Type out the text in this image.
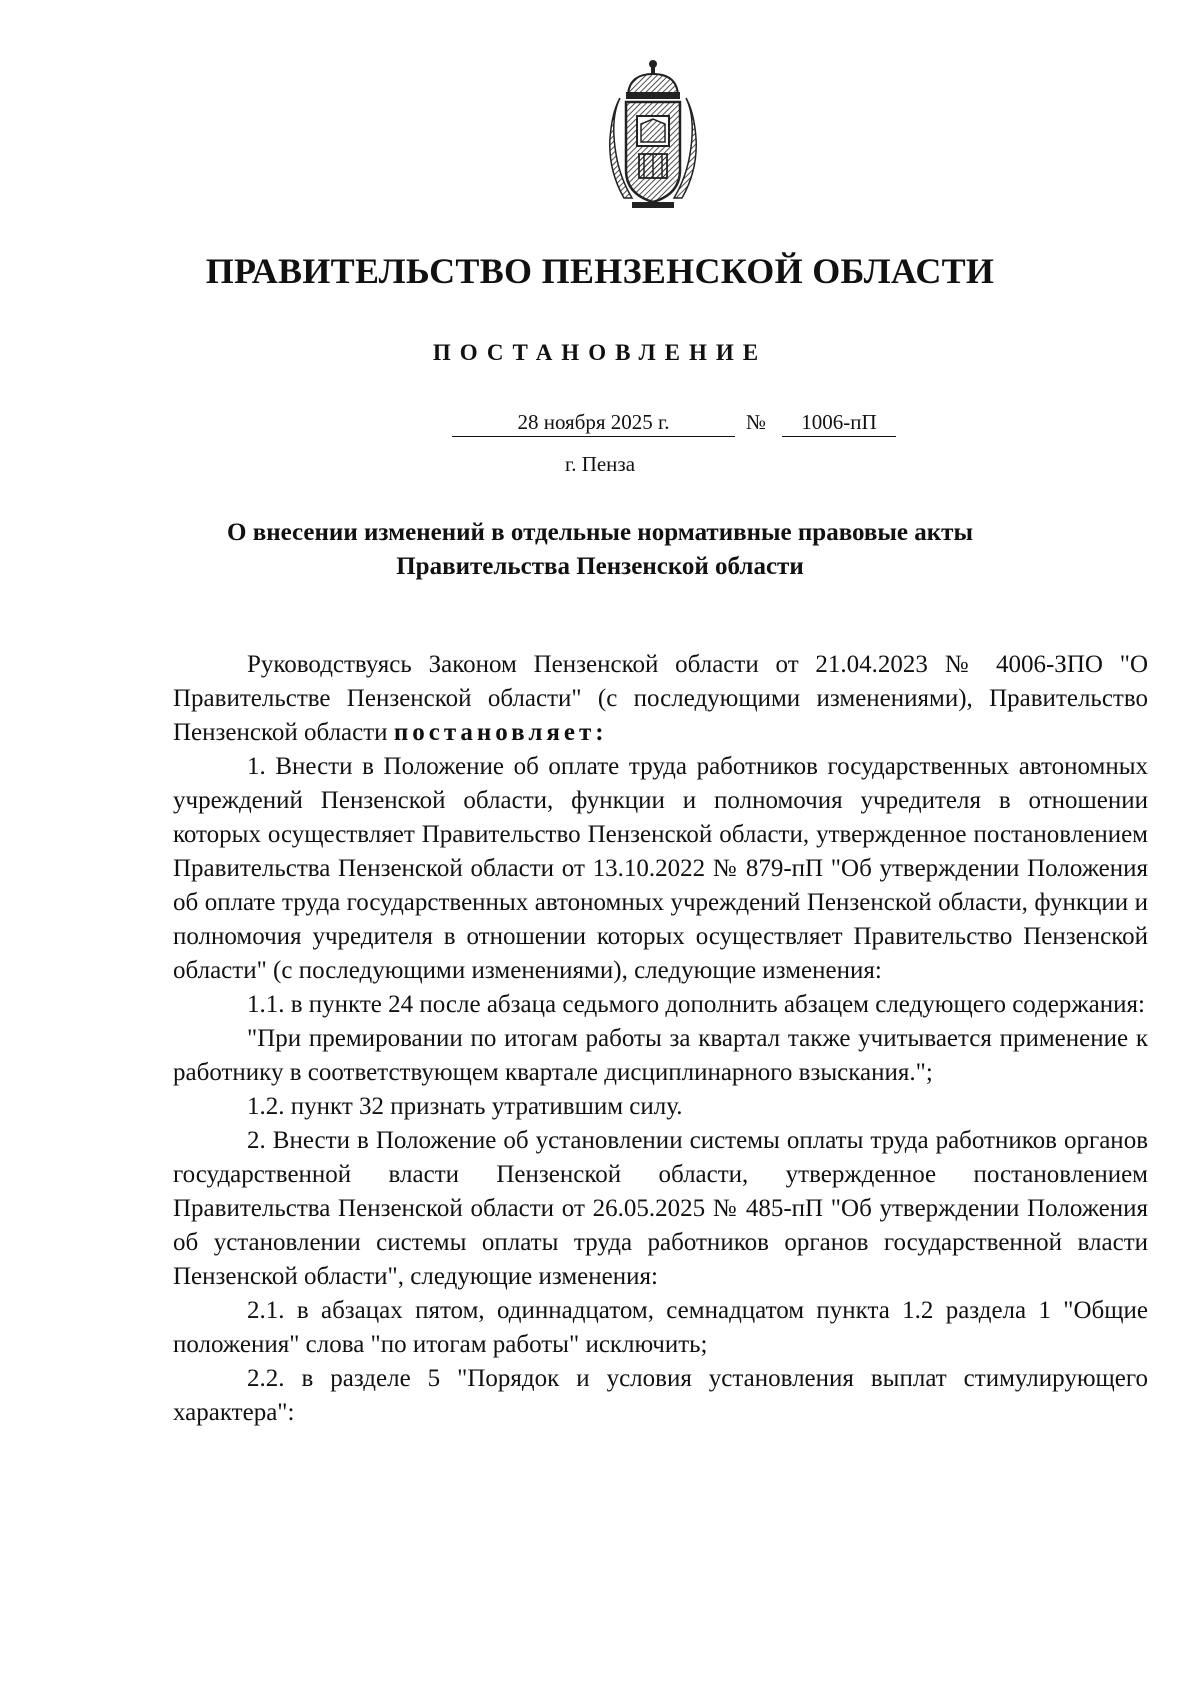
ПРАВИТЕЛЬСТВО ПЕНЗЕНСКОЙ ОБЛАСТИ
ПОСТАНОВЛЕНИЕ
28 ноября 2025 г.	№	1006-пП
г. Пенза
О внесении изменений в отдельные нормативные правовые акты
Правительства Пензенской области

Руководствуясь Законом Пензенской области от 21.04.2023 № 4006-ЗПО "О Правительстве Пензенской области" (с последующими изменениями), Правительство Пензенской области постановляет:

1. Внести в Положение об оплате труда работников государственных автономных учреждений Пензенской области, функции и полномочия учредителя в отношении которых осуществляет Правительство Пензенской области, утвержденное постановлением Правительства Пензенской области от 13.10.2022 № 879-пП "Об утверждении Положения об оплате труда государственных автономных учреждений Пензенской области, функции и полномочия учредителя в отношении которых осуществляет Правительство Пензенской области" (с последующими изменениями), следующие изменения:

1.1. в пункте 24 после абзаца седьмого дополнить абзацем следующего содержания:

"При премировании по итогам работы за квартал также учитывается применение к работнику в соответствующем квартале дисциплинарного взыскания.";

1.2. пункт 32 признать утратившим силу.

2. Внести в Положение об установлении системы оплаты труда работников органов государственной власти Пензенской области, утвержденное постановлением Правительства Пензенской области от 26.05.2025 № 485-пП "Об утверждении Положения об установлении системы оплаты труда работников органов государственной власти Пензенской области", следующие изменения:

2.1. в абзацах пятом, одиннадцатом, семнадцатом пункта 1.2 раздела 1 "Общие положения" слова "по итогам работы" исключить;

2.2. в разделе 5 "Порядок и условия установления выплат стимулирующего характера":
